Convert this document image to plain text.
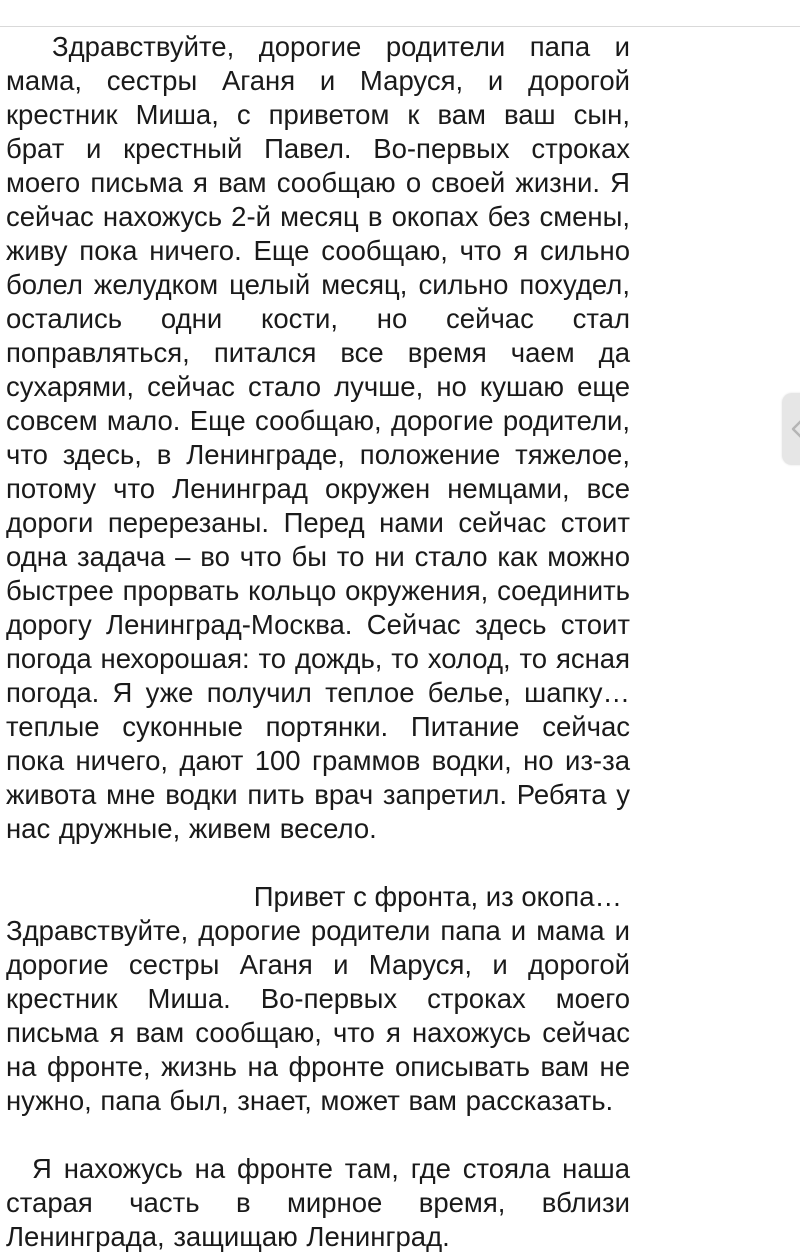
Здравствуйте, дорогие родители папа и мама, сестры Аганя и Маруся, и дорогой крестник Миша, с приветом к вам ваш сын, брат и крестный Павел. Во-первых строках моего письма я вам сообщаю о своей жизни. Я сейчас нахожусь 2-й месяц в окопах без смены, живу пока ничего. Еще сообщаю, что я сильно болел желудком целый месяц, сильно похудел, остались одни кости, но сейчас стал поправляться, питался все время чаем да сухарями, сейчас стало лучше, но кушаю еще совсем мало. Еще сообщаю, дорогие родители, что здесь, в Ленинграде, положение тяжелое, потому что Ленинград окружен немцами, все дороги перерезаны. Перед нами сейчас стоит одна задача – во что бы то ни стало как можно быстрее прорвать кольцо окружения, соединить дорогу Ленинград-Москва. Сейчас здесь стоит погода нехорошая: то дождь, то холод, то ясная погода. Я уже получил теплое белье, шапку… теплые суконные портянки. Питание сейчас пока ничего, дают 100 граммов водки, но из-за живота мне водки пить врач запретил. Ребята у нас дружные, живем весело.

Привет с фронта, из окопа…

Здравствуйте, дорогие родители папа и мама и дорогие сестры Аганя и Маруся, и дорогой крестник Миша. Во-первых строках моего письма я вам сообщаю, что я нахожусь сейчас на фронте, жизнь на фронте описывать вам не нужно, папа был, знает, может вам рассказать.

Я нахожусь на фронте там, где стояла наша старая часть в мирное время, вблизи Ленинграда, защищаю Ленинград.
